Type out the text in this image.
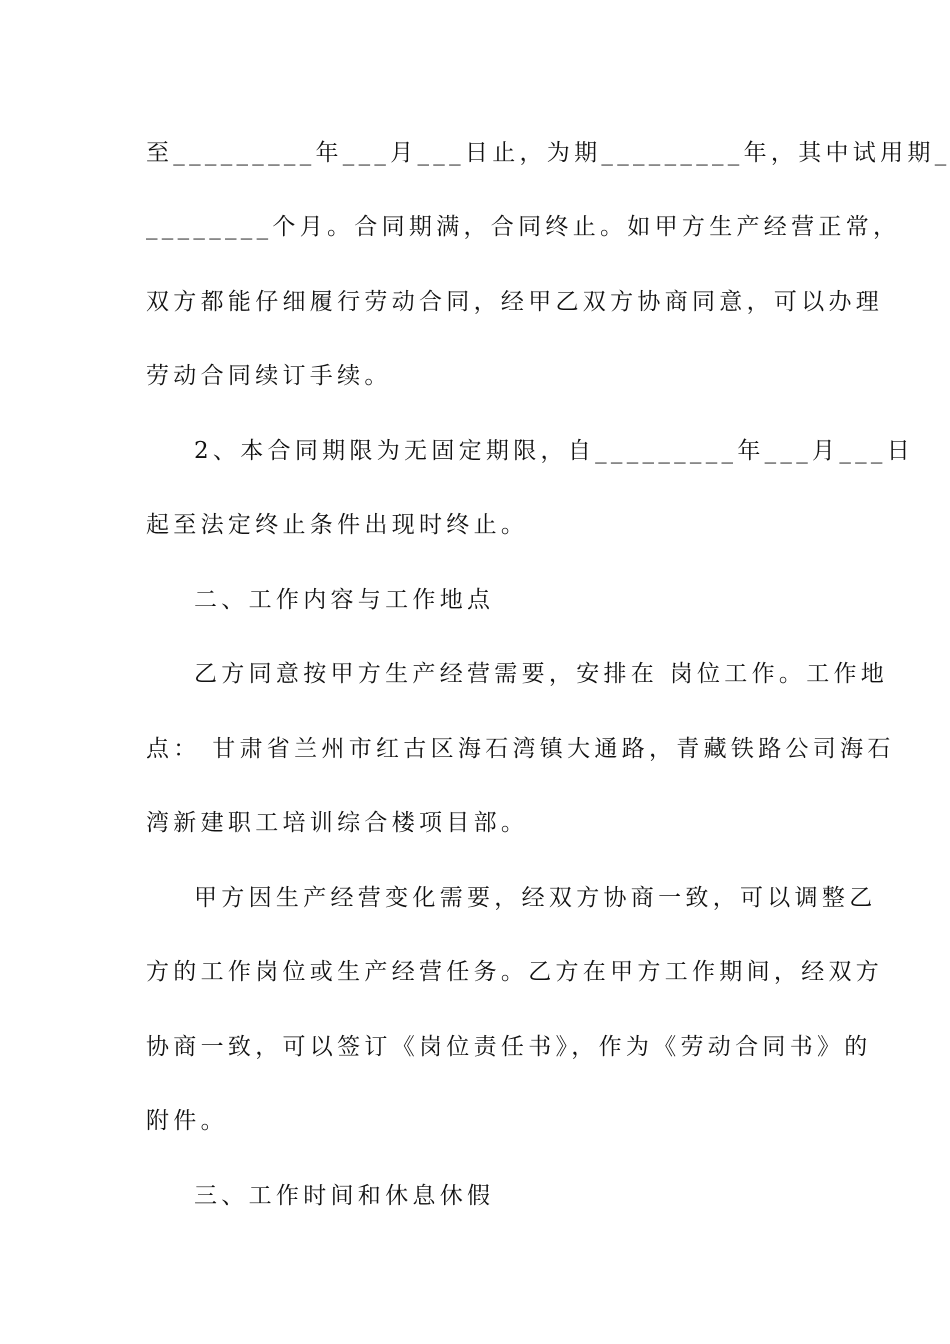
至_________年___月___日止，为期_________年，其中试用期_
________个月。合同期满，合同终止。如甲方生产经营正常，
双方都能仔细履行劳动合同，经甲乙双方协商同意，可以办理
劳动合同续订手续。
2、本合同期限为无固定期限，自_________年___月___日
起至法定终止条件出现时终止。
二、工作内容与工作地点
乙方同意按甲方生产经营需要，安排在 岗位工作。工作地
点： 甘肃省兰州市红古区海石湾镇大通路，青藏铁路公司海石
湾新建职工培训综合楼项目部。
甲方因生产经营变化需要，经双方协商一致，可以调整乙
方的工作岗位或生产经营任务。乙方在甲方工作期间，经双方
协商一致，可以签订《岗位责任书》，作为《劳动合同书》的
附件。
三、工作时间和休息休假
